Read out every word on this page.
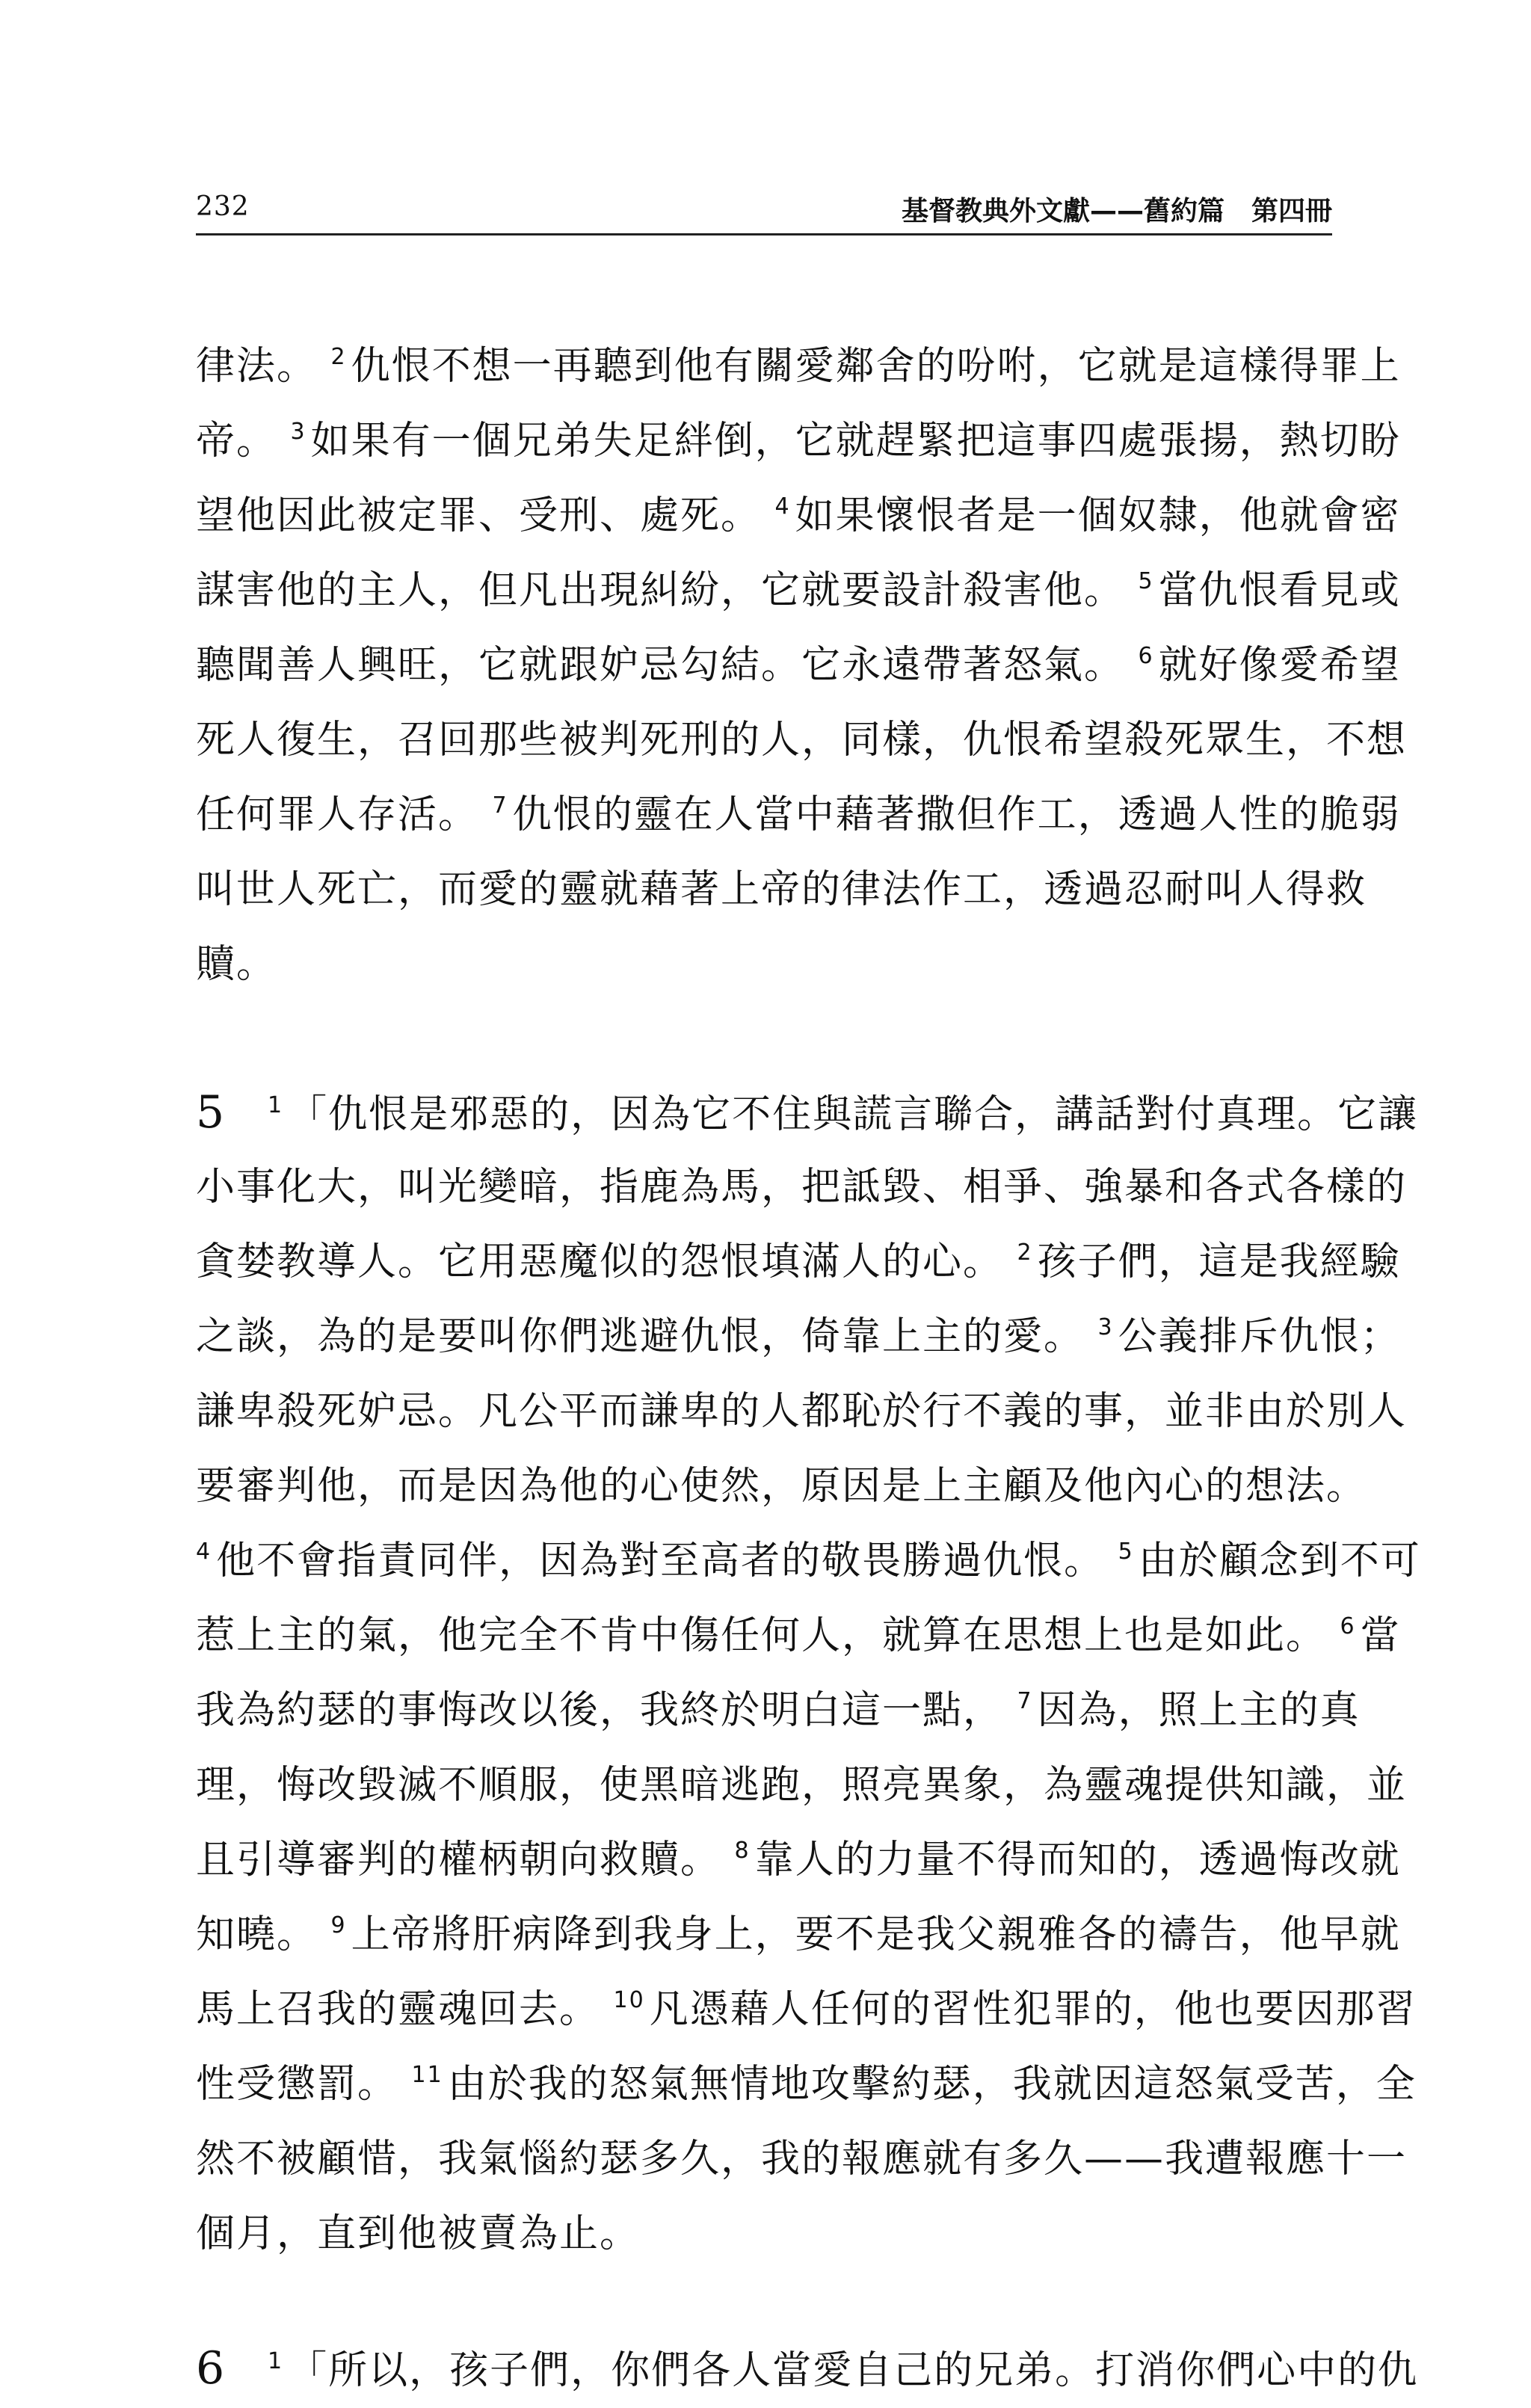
232	基督教典外文獻——舊約篇　第四冊
律法。 $^2$ 仇恨不想一再聽到他有關愛鄰舍的吩咐，它就是這樣得罪上
帝。 $^3$ 如果有一個兄弟失足絆倒，它就趕緊把這事四處張揚，熱切盼
望他因此被定罪、受刑、處死。 $^4$ 如果懷恨者是一個奴隸，他就會密
謀害他的主人，但凡出現糾紛，它就要設計殺害他。 $^5$ 當仇恨看見或
聽聞善人興旺，它就跟妒忌勾結。它永遠帶著怒氣。 $^6$ 就好像愛希望
死人復生，召回那些被判死刑的人，同樣，仇恨希望殺死眾生，不想
任何罪人存活。 $^7$ 仇恨的靈在人當中藉著撒但作工，透過人性的脆弱
叫世人死亡，而愛的靈就藉著上帝的律法作工，透過忍耐叫人得救
贖。
5 $^1$ 「仇恨是邪惡的，因為它不住與謊言聯合，講話對付真理。它讓
小事化大，叫光變暗，指鹿為馬，把詆毀、相爭、強暴和各式各樣的
貪婪教導人。它用惡魔似的怨恨填滿人的心。 $^2$ 孩子們，這是我經驗
之談，為的是要叫你們逃避仇恨，倚靠上主的愛。 $^3$ 公義排斥仇恨；
謙卑殺死妒忌。凡公平而謙卑的人都恥於行不義的事，並非由於別人
要審判他，而是因為他的心使然，原因是上主顧及他內心的想法。
$^4$ 他不會指責同伴，因為對至高者的敬畏勝過仇恨。 $^5$ 由於顧念到不可
惹上主的氣，他完全不肯中傷任何人，就算在思想上也是如此。 $^6$ 當
我為約瑟的事悔改以後，我終於明白這一點， $^7$ 因為，照上主的真
理，悔改毀滅不順服，使黑暗逃跑，照亮異象，為靈魂提供知識，並
且引導審判的權柄朝向救贖。 $^8$ 靠人的力量不得而知的，透過悔改就
知曉。 $^9$ 上帝將肝病降到我身上，要不是我父親雅各的禱告，他早就
馬上召我的靈魂回去。 $^{10}$ 凡憑藉人任何的習性犯罪的，他也要因那習
性受懲罰。 $^{11}$ 由於我的怒氣無情地攻擊約瑟，我就因這怒氣受苦，全
然不被顧惜，我氣惱約瑟多久，我的報應就有多久——我遭報應十一
個月，直到他被賣為止。
6 $^1$ 「所以，孩子們，你們各人當愛自己的兄弟。打消你們心中的仇
